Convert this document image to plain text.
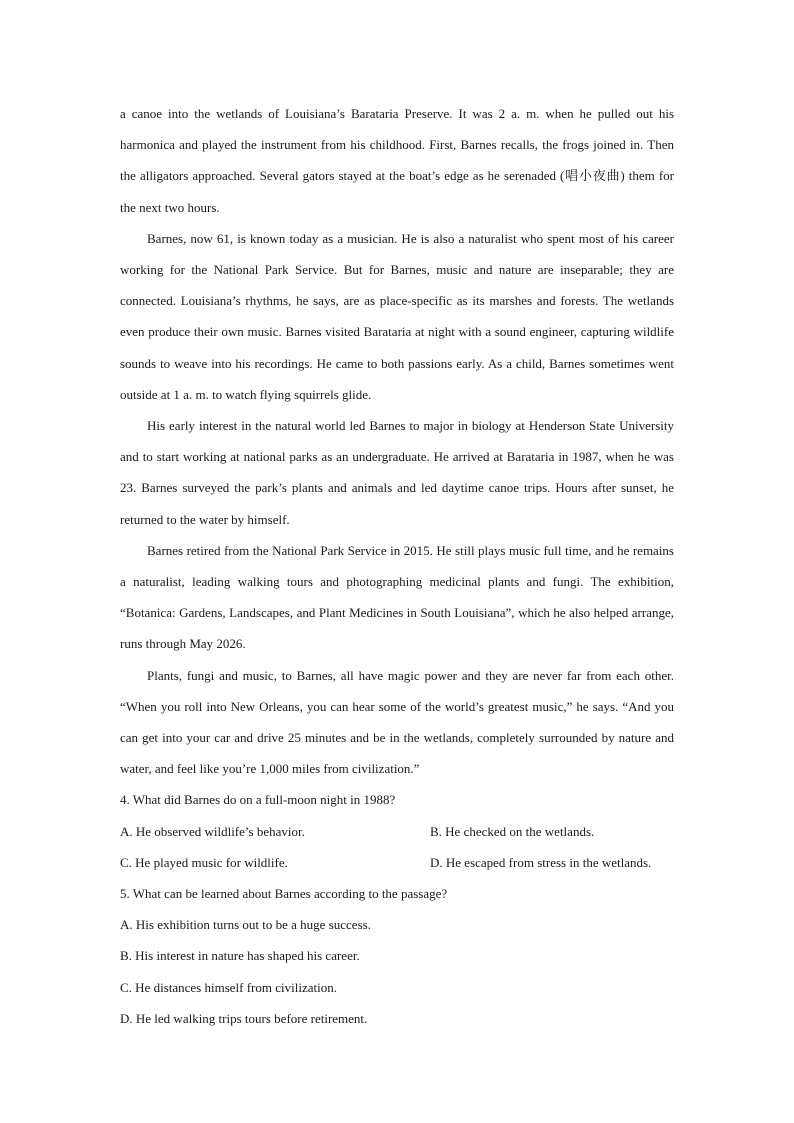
a canoe into the wetlands of Louisiana’s Barataria Preserve. It was 2 a. m. when he pulled out his harmonica and played the instrument from his childhood. First, Barnes recalls, the frogs joined in. Then the alligators approached. Several gators stayed at the boat’s edge as he serenaded (唱小夜曲) them for the next two hours.

Barnes, now 61, is known today as a musician. He is also a naturalist who spent most of his career working for the National Park Service. But for Barnes, music and nature are inseparable; they are connected. Louisiana’s rhythms, he says, are as place-specific as its marshes and forests. The wetlands even produce their own music. Barnes visited Barataria at night with a sound engineer, capturing wildlife sounds to weave into his recordings. He came to both passions early. As a child, Barnes sometimes went outside at 1 a. m. to watch flying squirrels glide.

His early interest in the natural world led Barnes to major in biology at Henderson State University and to start working at national parks as an undergraduate. He arrived at Barataria in 1987, when he was 23. Barnes surveyed the park’s plants and animals and led daytime canoe trips. Hours after sunset, he returned to the water by himself.

Barnes retired from the National Park Service in 2015. He still plays music full time, and he remains a naturalist, leading walking tours and photographing medicinal plants and fungi. The exhibition, “Botanica: Gardens, Landscapes, and Plant Medicines in South Louisiana”, which he also helped arrange, runs through May 2026.

Plants, fungi and music, to Barnes, all have magic power and they are never far from each other. “When you roll into New Orleans, you can hear some of the world’s greatest music,” he says. “And you can get into your car and drive 25 minutes and be in the wetlands, completely surrounded by nature and water, and feel like you’re 1,000 miles from civilization.”

4. What did Barnes do on a full-moon night in 1988?

A. He observed wildlife’s behavior.	B. He checked on the wetlands.
C. He played music for wildlife.	D. He escaped from stress in the wetlands.

5. What can be learned about Barnes according to the passage?

A. His exhibition turns out to be a huge success.

B. His interest in nature has shaped his career.

C. He distances himself from civilization.

D. He led walking trips tours before retirement.
